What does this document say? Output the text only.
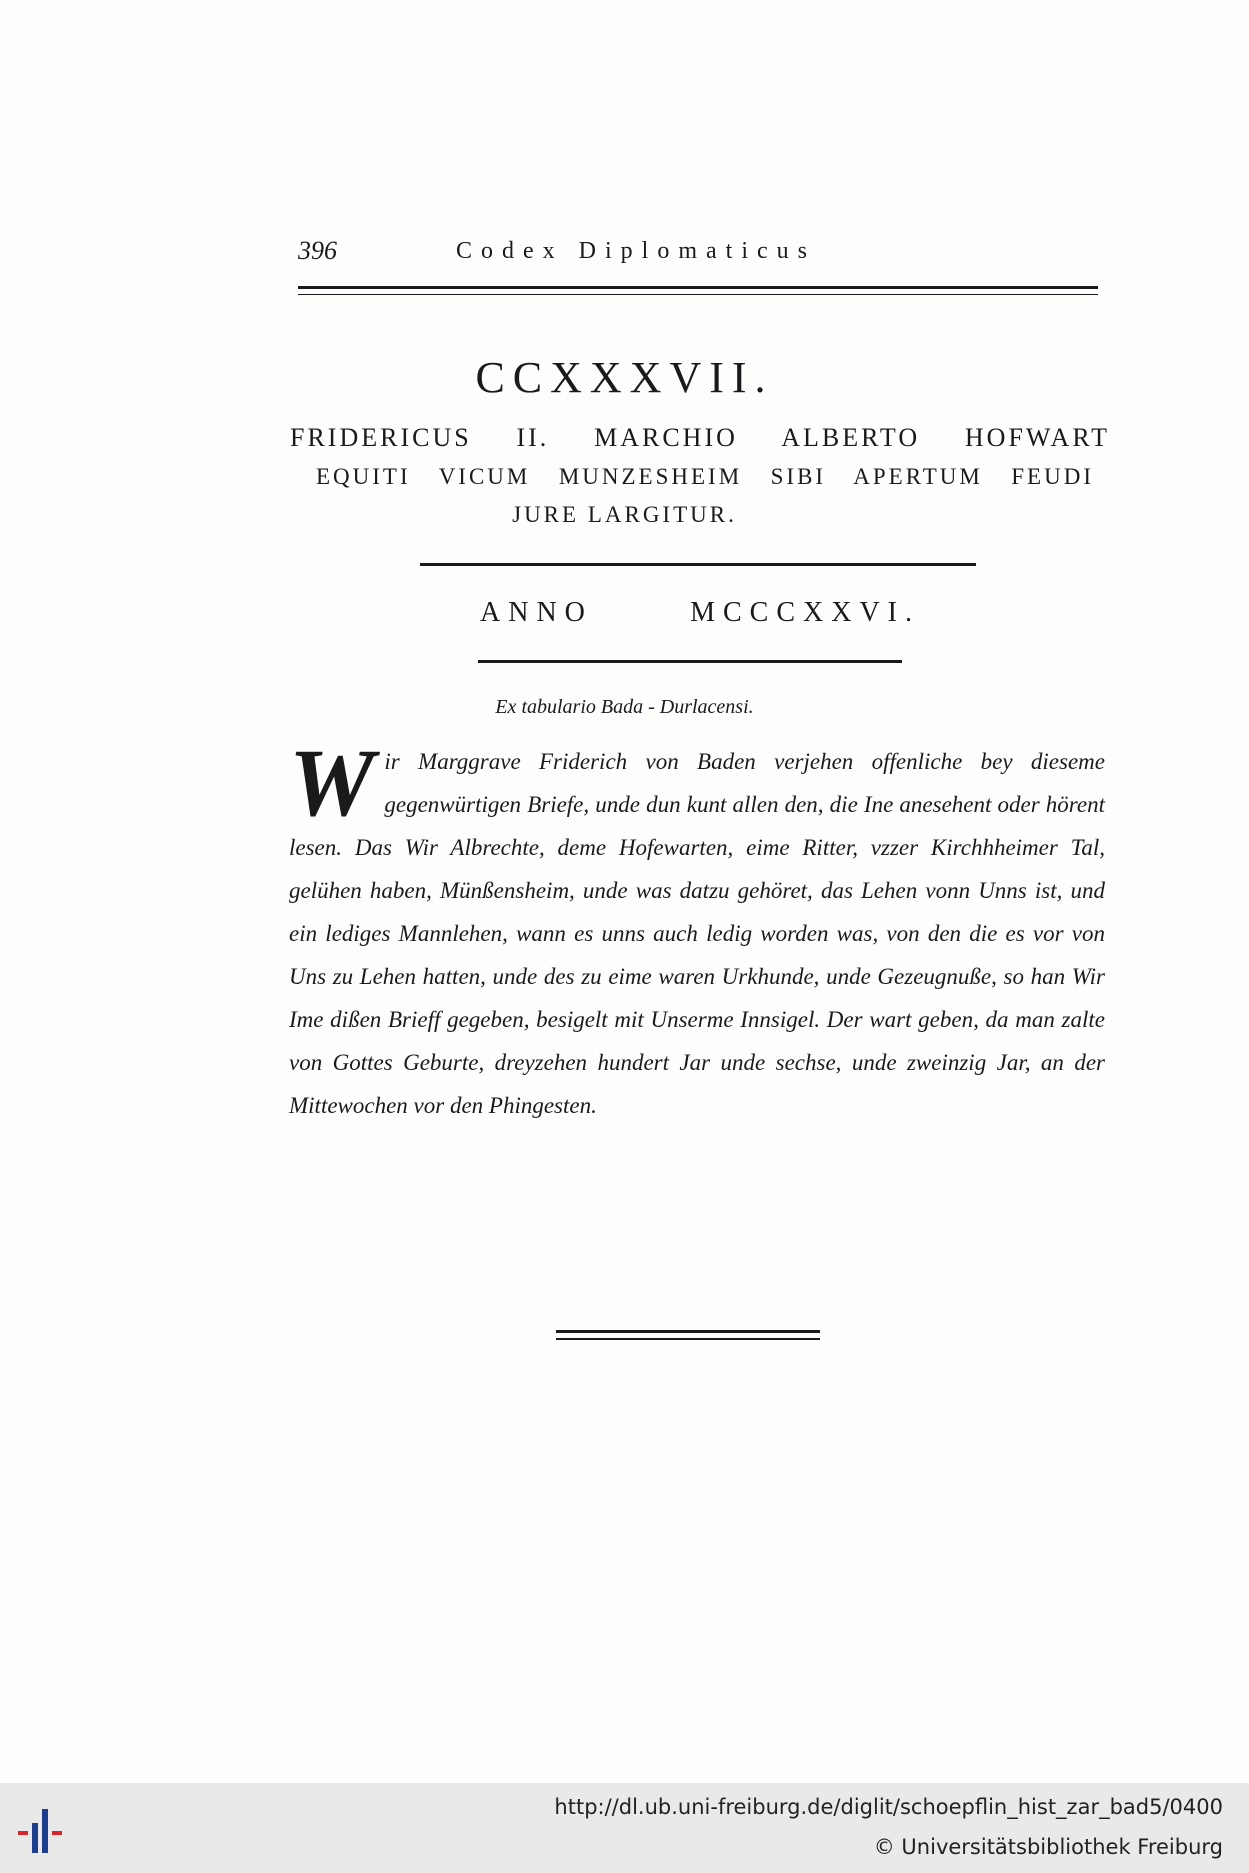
396	Codex Diplomaticus
CCXXXVII.
FRIDERICUS II. MARCHIO ALBERTO HOFWART
EQUITI VICUM MUNZESHEIM SIBI APERTUM FEUDI
JURE LARGITUR.
ANNO MCCCXXVI.
Ex tabulario Bada - Durlacensi.
W ir Marggrave Friderich von Baden verjehen offenliche bey dieseme gegenwürtigen Briefe, unde dun kunt allen den, die Ine anesehent oder hörent lesen. Das Wir Albrechte, deme Hofewarten, eime Ritter, vzzer Kirchhheimer Tal, gelühen haben, Münßensheim, unde was datzu gehöret, das Lehen vonn Unns ist, und ein lediges Mannlehen, wann es unns auch ledig worden was, von den die es vor von Uns zu Lehen hatten, unde des zu eime waren Urkhunde, unde Gezeugnuße, so han Wir Ime dißen Brieff gegeben, besigelt mit Unserme Innsigel. Der wart geben, da man zalte von Gottes Geburte, dreyzehen hundert Jar unde sechse, unde zweinzig Jar, an der Mittewochen vor den Phingesten.
http://dl.ub.uni-freiburg.de/diglit/schoepflin_hist_zar_bad5/0400
© Universitätsbibliothek Freiburg
